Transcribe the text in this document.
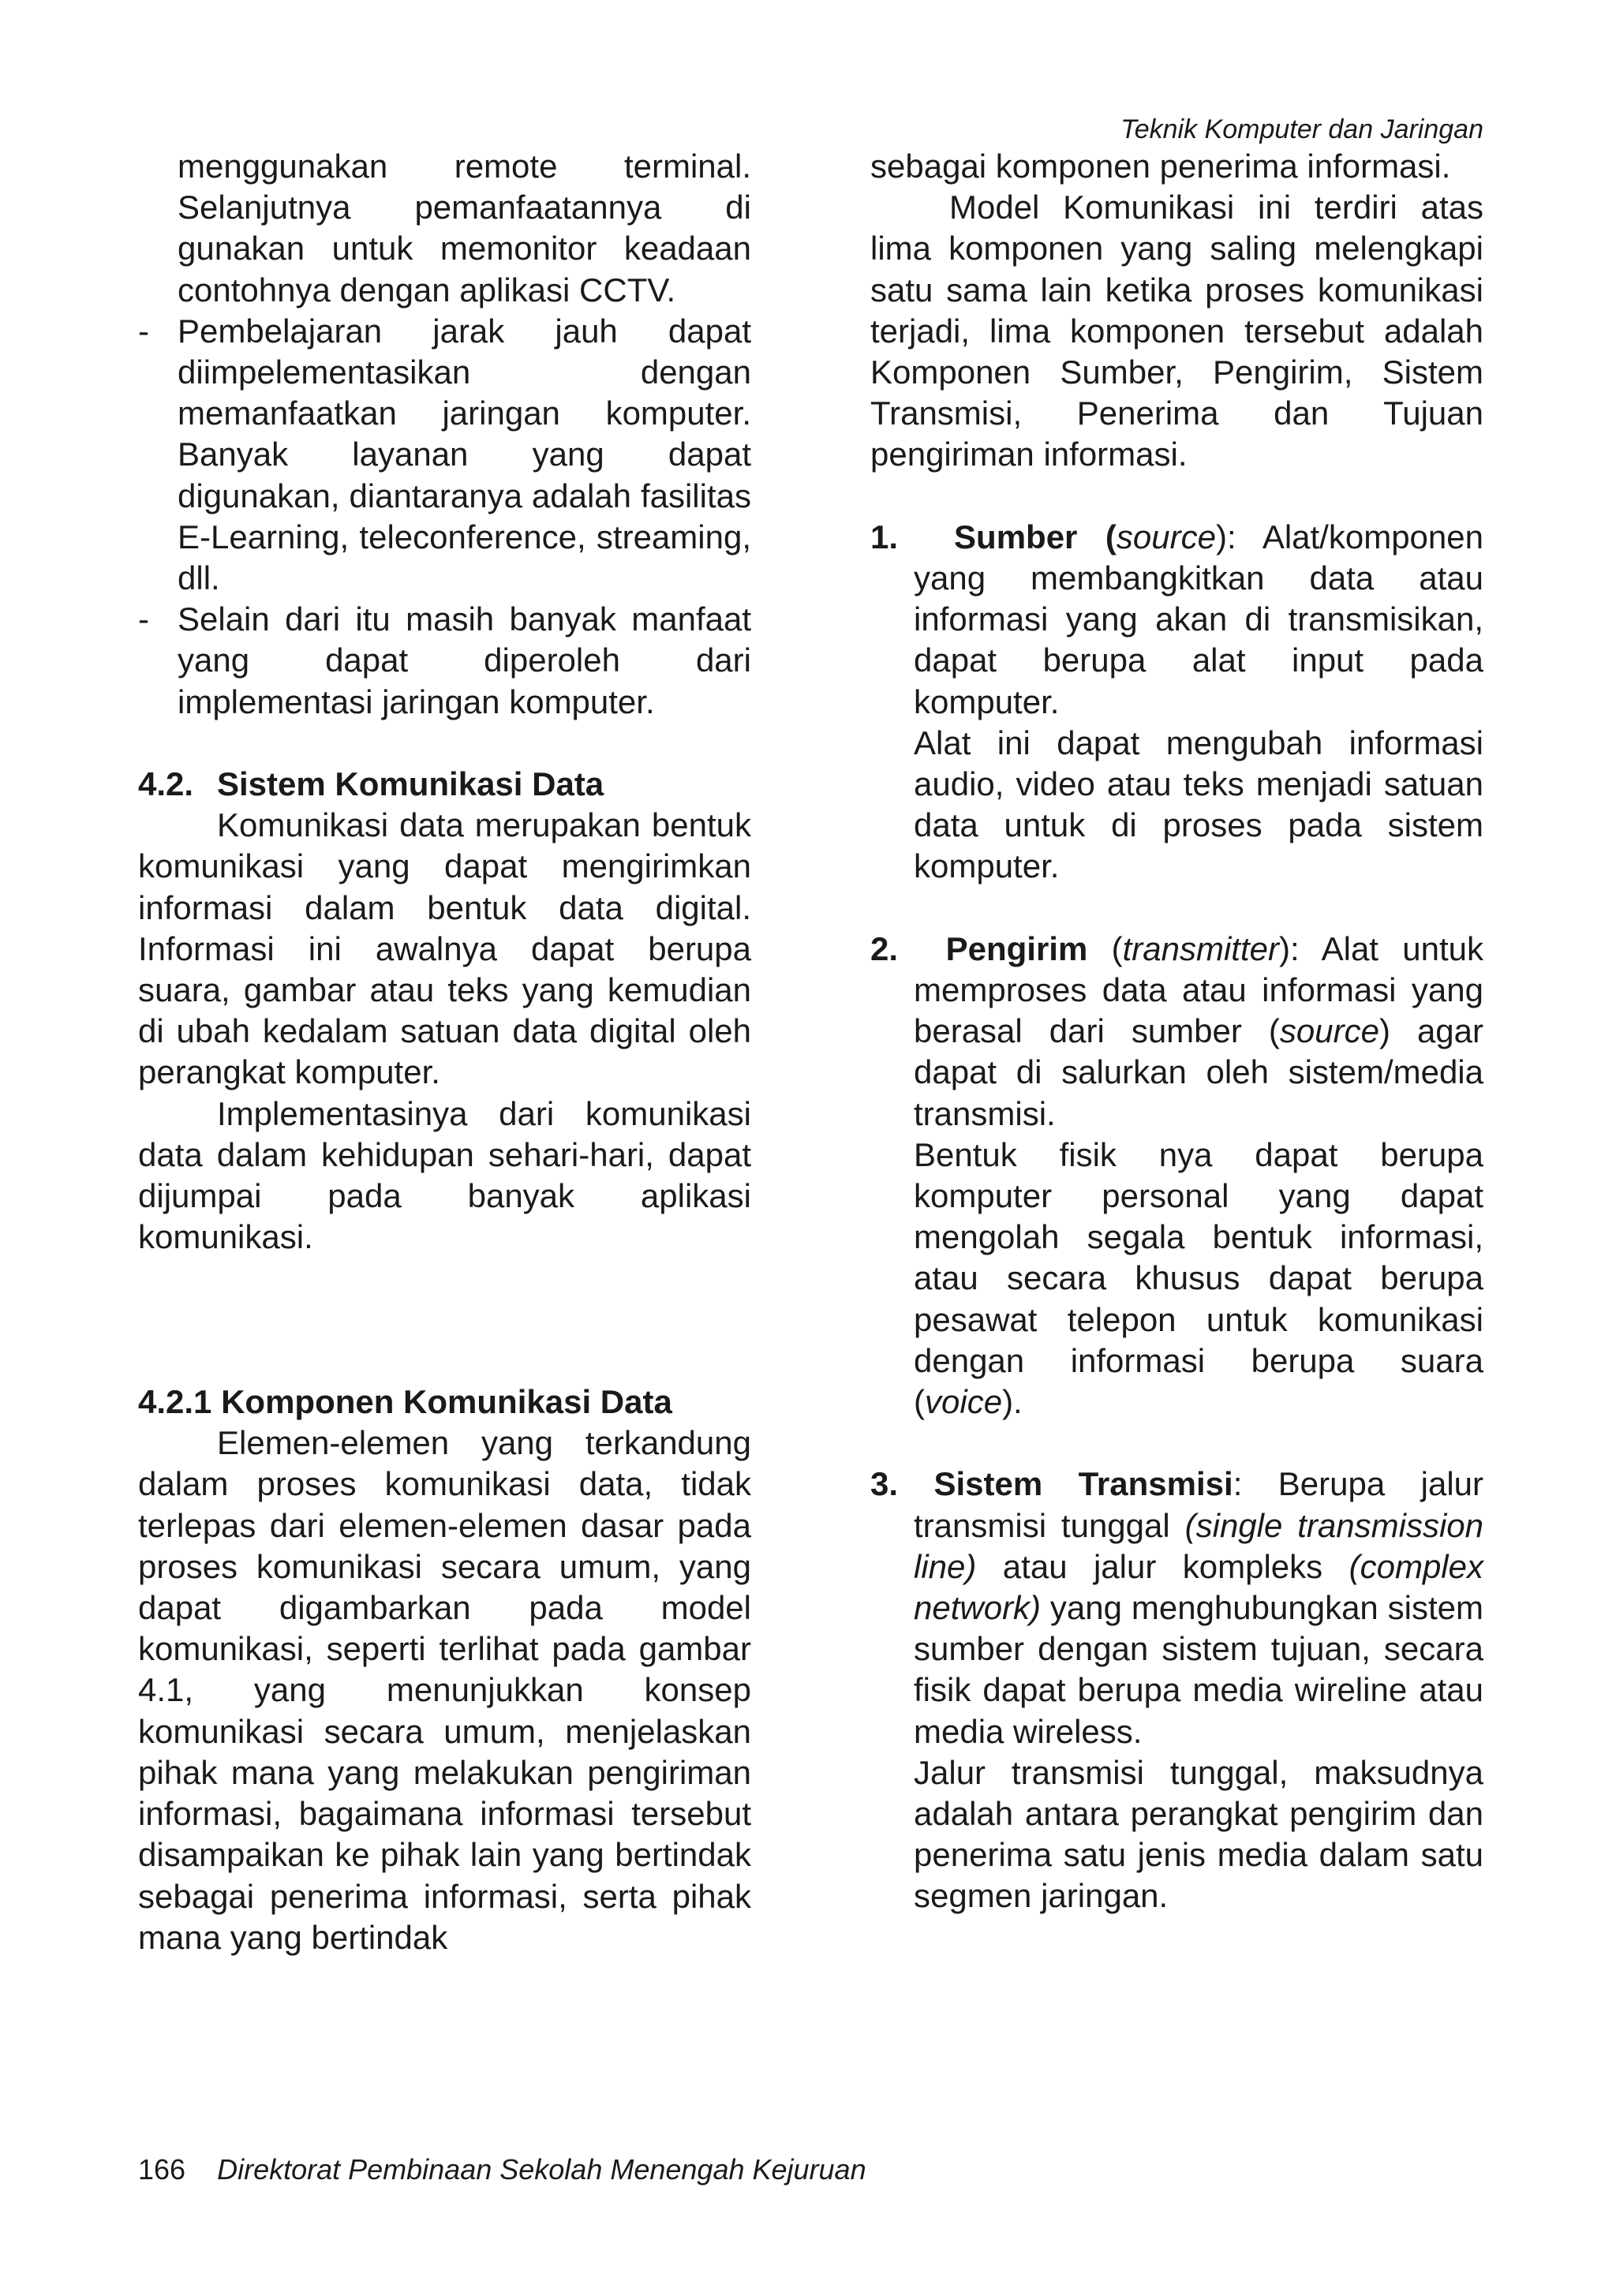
Teknik Komputer dan Jaringan

menggunakan remote terminal. Selanjutnya pemanfaatannya di gunakan untuk memonitor keadaan contohnya dengan aplikasi CCTV.

- Pembelajaran jarak jauh dapat diimpelementasikan dengan memanfaatkan jaringan komputer. Banyak layanan yang dapat digunakan, diantaranya adalah fasilitas E-Learning, teleconference, streaming, dll.

- Selain dari itu masih banyak manfaat yang dapat diperoleh dari implementasi jaringan komputer.

4.2. Sistem Komunikasi Data

Komunikasi data merupakan bentuk komunikasi yang dapat mengirimkan informasi dalam bentuk data digital. Informasi ini awalnya dapat berupa suara, gambar atau teks yang kemudian di ubah kedalam satuan data digital oleh perangkat komputer.

Implementasinya dari komunikasi data dalam kehidupan sehari-hari, dapat dijumpai pada banyak aplikasi komunikasi.

4.2.1 Komponen Komunikasi Data

Elemen-elemen yang terkandung dalam proses komunikasi data, tidak terlepas dari elemen-elemen dasar pada proses komunikasi secara umum, yang dapat digambarkan pada model komunikasi, seperti terlihat pada gambar 4.1, yang menunjukkan konsep komunikasi secara umum, menjelaskan pihak mana yang melakukan pengiriman informasi, bagaimana informasi tersebut disampaikan ke pihak lain yang bertindak sebagai penerima informasi, serta pihak mana yang bertindak

sebagai komponen penerima informasi.

Model Komunikasi ini terdiri atas lima komponen yang saling melengkapi satu sama lain ketika proses komunikasi terjadi, lima komponen tersebut adalah Komponen Sumber, Pengirim, Sistem Transmisi, Penerima dan Tujuan pengiriman informasi.

1. Sumber (source): Alat/komponen yang membangkitkan data atau informasi yang akan di transmisikan, dapat berupa alat input pada komputer.

Alat ini dapat mengubah informasi audio, video atau teks menjadi satuan data untuk di proses pada sistem komputer.

2. Pengirim (transmitter): Alat untuk memproses data atau informasi yang berasal dari sumber (source) agar dapat di salurkan oleh sistem/media transmisi.

Bentuk fisik nya dapat berupa komputer personal yang dapat mengolah segala bentuk informasi, atau secara khusus dapat berupa pesawat telepon untuk komunikasi dengan informasi berupa suara (voice).

3. Sistem Transmisi: Berupa jalur transmisi tunggal (single transmission line) atau jalur kompleks (complex network) yang menghubungkan sistem sumber dengan sistem tujuan, secara fisik dapat berupa media wireline atau media wireless.

Jalur transmisi tunggal, maksudnya adalah antara perangkat pengirim dan penerima satu jenis media dalam satu segmen jaringan.

166 Direktorat Pembinaan Sekolah Menengah Kejuruan
